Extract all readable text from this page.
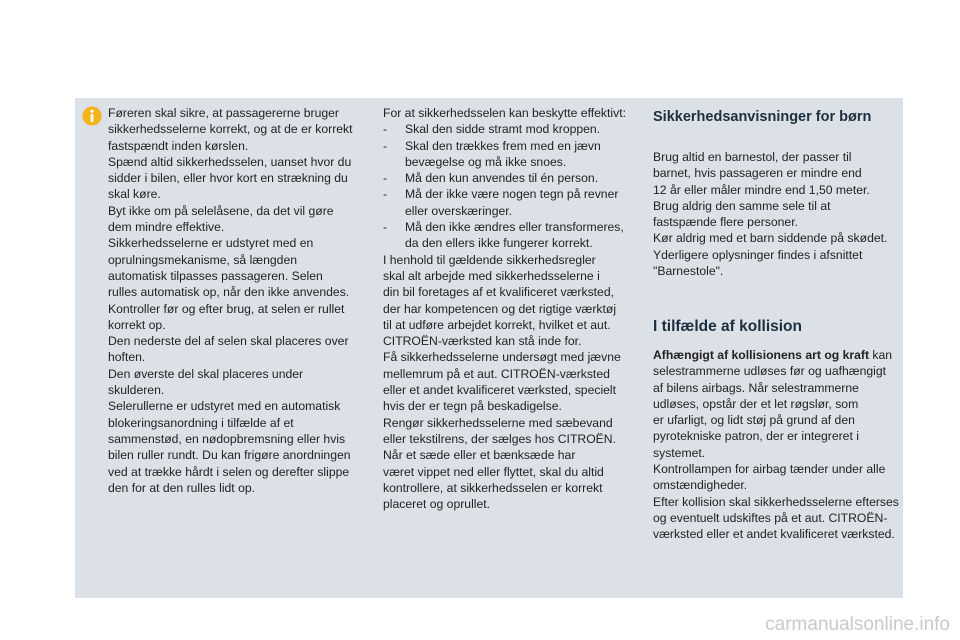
Føreren skal sikre, at passagererne bruger
sikkerhedsselerne korrekt, og at de er korrekt
fastspændt inden kørslen.
Spænd altid sikkerhedsselen, uanset hvor du
sidder i bilen, eller hvor kort en strækning du
skal køre.
Byt ikke om på selelåsene, da det vil gøre
dem mindre effektive.
Sikkerhedsselerne er udstyret med en
oprulningsmekanisme, så længden
automatisk tilpasses passageren. Selen
rulles automatisk op, når den ikke anvendes.
Kontroller før og efter brug, at selen er rullet
korrekt op.
Den nederste del af selen skal placeres over
hoften.
Den øverste del skal placeres under
skulderen.
Selerullerne er udstyret med en automatisk
blokeringsanordning i tilfælde af et
sammenstød, en nødopbremsning eller hvis
bilen ruller rundt. Du kan frigøre anordningen
ved at trække hårdt i selen og derefter slippe
den for at den rulles lidt op.
For at sikkerhedsselen kan beskytte effektivt:
-	Skal den sidde stramt mod kroppen.
-	Skal den trækkes frem med en jævn
bevægelse og må ikke snoes.
-	Må den kun anvendes til én person.
-	Må der ikke være nogen tegn på revner
eller overskæringer.
-	Må den ikke ændres eller transformeres,
da den ellers ikke fungerer korrekt.
I henhold til gældende sikkerhedsregler
skal alt arbejde med sikkerhedsselerne i
din bil foretages af et kvalificeret værksted,
der har kompetencen og det rigtige værktøj
til at udføre arbejdet korrekt, hvilket et aut.
CITROËN-værksted kan stå inde for.
Få sikkerhedsselerne undersøgt med jævne
mellemrum på et aut. CITROËN-værksted
eller et andet kvalificeret værksted, specielt
hvis der er tegn på beskadigelse.
Rengør sikkerhedsselerne med sæbevand
eller tekstilrens, der sælges hos CITROËN.
Når et sæde eller et bænksæde har
været vippet ned eller flyttet, skal du altid
kontrollere, at sikkerhedsselen er korrekt
placeret og oprullet.
Sikkerhedsanvisninger for børn
Brug altid en barnestol, der passer til
barnet, hvis passageren er mindre end
12 år eller måler mindre end 1,50 meter.
Brug aldrig den samme sele til at
fastspænde flere personer.
Kør aldrig med et barn siddende på skødet.
Yderligere oplysninger findes i afsnittet
"Barnestole".
I tilfælde af kollision
Afhængigt af kollisionens art og kraft kan
selestrammerne udløses før og uafhængigt
af bilens airbags. Når selestrammerne
udløses, opstår der et let røgslør, som
er ufarligt, og lidt støj på grund af den
pyrotekniske patron, der er integreret i
systemet.
Kontrollampen for airbag tænder under alle
omstændigheder.
Efter kollision skal sikkerhedsselerne efterses
og eventuelt udskiftes på et aut. CITROËN-
værksted eller et andet kvalificeret værksted.
carmanualsonline.info
